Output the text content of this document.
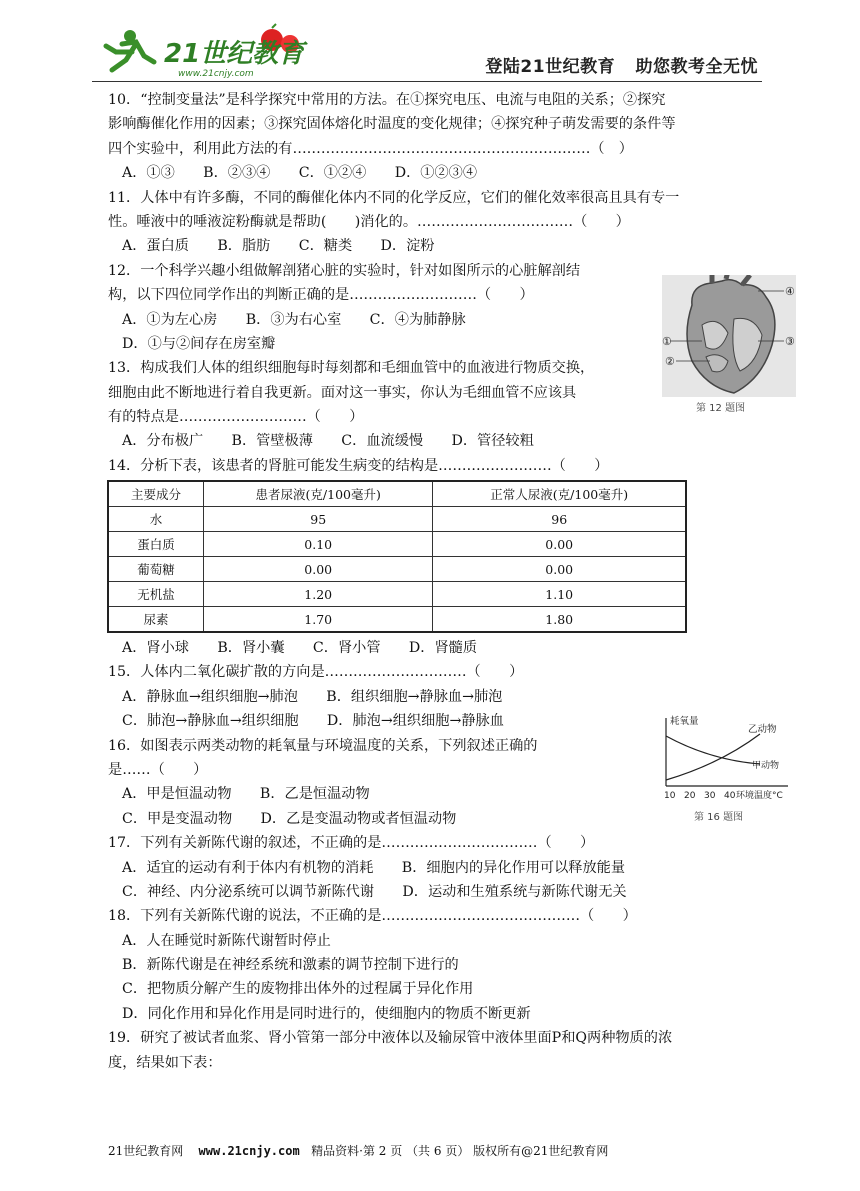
21世纪教育
www.21cnjy.com	登陆21世纪教育 助您教考全无忧
10．“控制变量法”是科学探究中常用的方法。在①探究电压、电流与电阻的关系；②探究
影响酶催化作用的因素；③探究固体熔化时温度的变化规律；④探究种子萌发需要的条件等
四个实验中，利用此方法的有………………………………………………………（　）
A．①③　　B．②③④　　C．①②④　　D．①②③④
11．人体中有许多酶，不同的酶催化体内不同的化学反应，它们的催化效率很高且具有专一
性。唾液中的唾液淀粉酶就是帮助(　　)消化的。……………………………（　　）
A．蛋白质　　B．脂肪　　C．糖类　　D．淀粉
12．一个科学兴趣小组做解剖猪心脏的实验时，针对如图所示的心脏解剖结
构，以下四位同学作出的判断正确的是………………………（　　）
A．①为左心房　　B．③为右心室　　C．④为肺静脉
D．①与②间存在房室瓣
13．构成我们人体的组织细胞每时每刻都和毛细血管中的血液进行物质交换，
细胞由此不断地进行着自我更新。面对这一事实，你认为毛细血管不应该具
有的特点是………………………（　　）
A．分布极广　　B．管壁极薄　　C．血流缓慢　　D．管径较粗
14．分析下表，该患者的肾脏可能发生病变的结构是……………………（　　）
主要成分	患者尿液(克/100毫升)	正常人尿液(克/100毫升)
水	95	96
蛋白质	0.10	0.00
葡萄糖	0.00	0.00
无机盐	1.20	1.10
尿素	1.70	1.80
A．肾小球　　B．肾小囊　　C．肾小管　　D．肾髓质
15．人体内二氧化碳扩散的方向是…………………………（　　）
A．静脉血→组织细胞→肺泡　　B．组织细胞→静脉血→肺泡
C．肺泡→静脉血→组织细胞　　D．肺泡→组织细胞→静脉血
16．如图表示两类动物的耗氧量与环境温度的关系，下列叙述正确的
是……（　　）
A．甲是恒温动物　　B．乙是恒温动物
C．甲是变温动物　　D．乙是变温动物或者恒温动物
17．下列有关新陈代谢的叙述，不正确的是……………………………（　　）
A．适宜的运动有利于体内有机物的消耗　　B．细胞内的异化作用可以释放能量
C．神经、内分泌系统可以调节新陈代谢　　D．运动和生殖系统与新陈代谢无关
18．下列有关新陈代谢的说法，不正确的是……………………………………（　　）
A．人在睡觉时新陈代谢暂时停止
B．新陈代谢是在神经系统和激素的调节控制下进行的
C．把物质分解产生的废物排出体外的过程属于异化作用
D．同化作用和异化作用是同时进行的，使细胞内的物质不断更新
19．研究了被试者血浆、肾小管第一部分中液体以及输尿管中液体里面P和Q两种物质的浓
度，结果如下表：
④
①
②
③
第 12 题图
耗氧量
乙动物
甲动物
10 20 30 40 环境温度°C
第 16 题图
21世纪教育网 www.21cnjy.com 精品资料·第 2 页 （共 6 页） 版权所有@21世纪教育网
